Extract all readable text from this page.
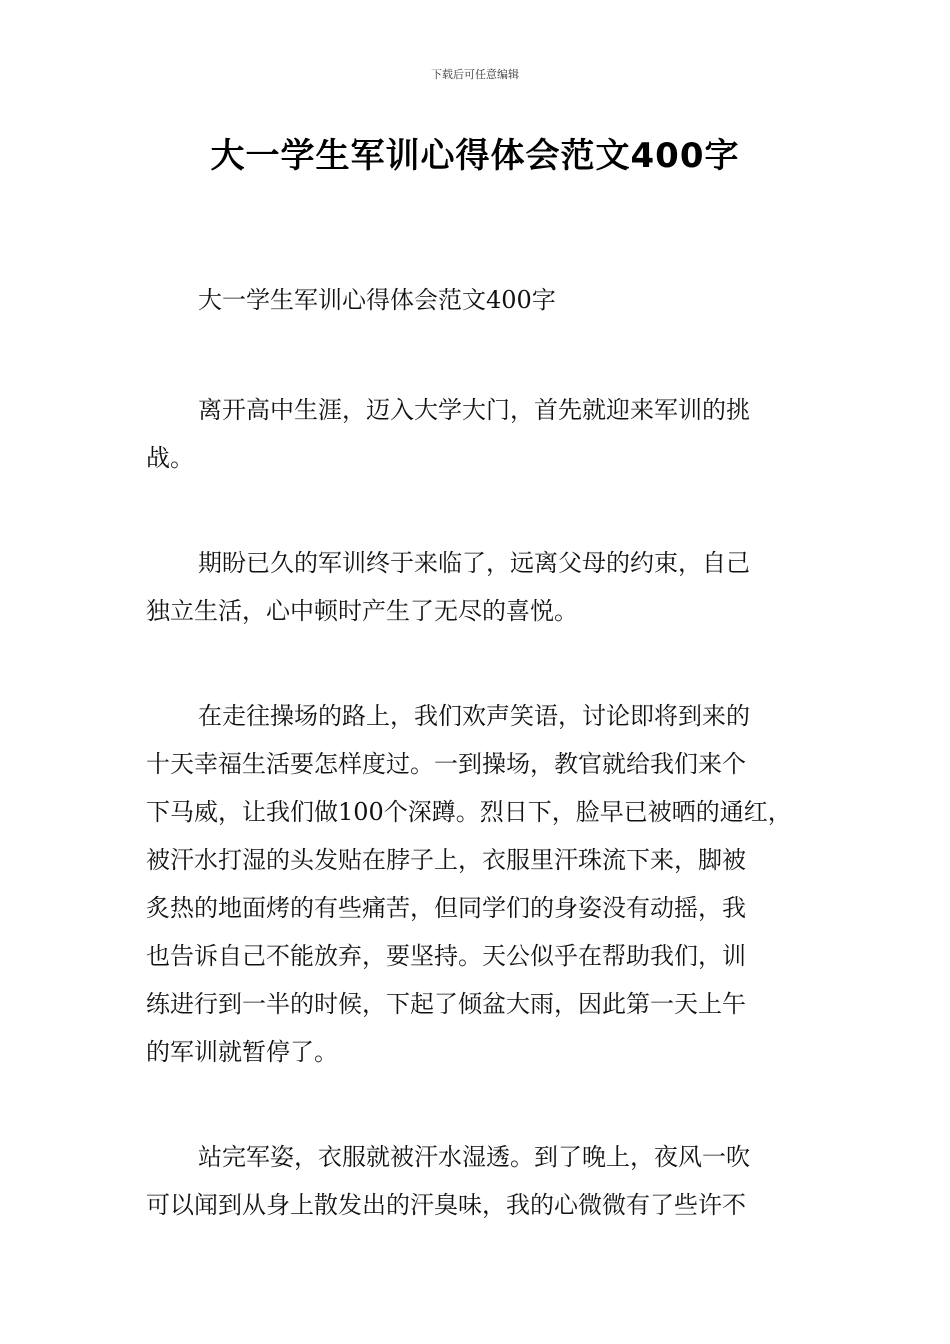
下载后可任意编辑
大一学生军训心得体会范文400字

大一学生军训心得体会范文400字

离开高中生涯，迈入大学大门，首先就迎来军训的挑
战。

期盼已久的军训终于来临了，远离父母的约束，自己
独立生活，心中顿时产生了无尽的喜悦。

在走往操场的路上，我们欢声笑语，讨论即将到来的
十天幸福生活要怎样度过。一到操场，教官就给我们来个
下马威，让我们做100个深蹲。烈日下，脸早已被晒的通红，
被汗水打湿的头发贴在脖子上，衣服里汗珠流下来，脚被
炙热的地面烤的有些痛苦，但同学们的身姿没有动摇，我
也告诉自己不能放弃，要坚持。天公似乎在帮助我们，训
练进行到一半的时候，下起了倾盆大雨，因此第一天上午
的军训就暂停了。

站完军姿，衣服就被汗水湿透。到了晚上，夜风一吹
可以闻到从身上散发出的汗臭味，我的心微微有了些许不
